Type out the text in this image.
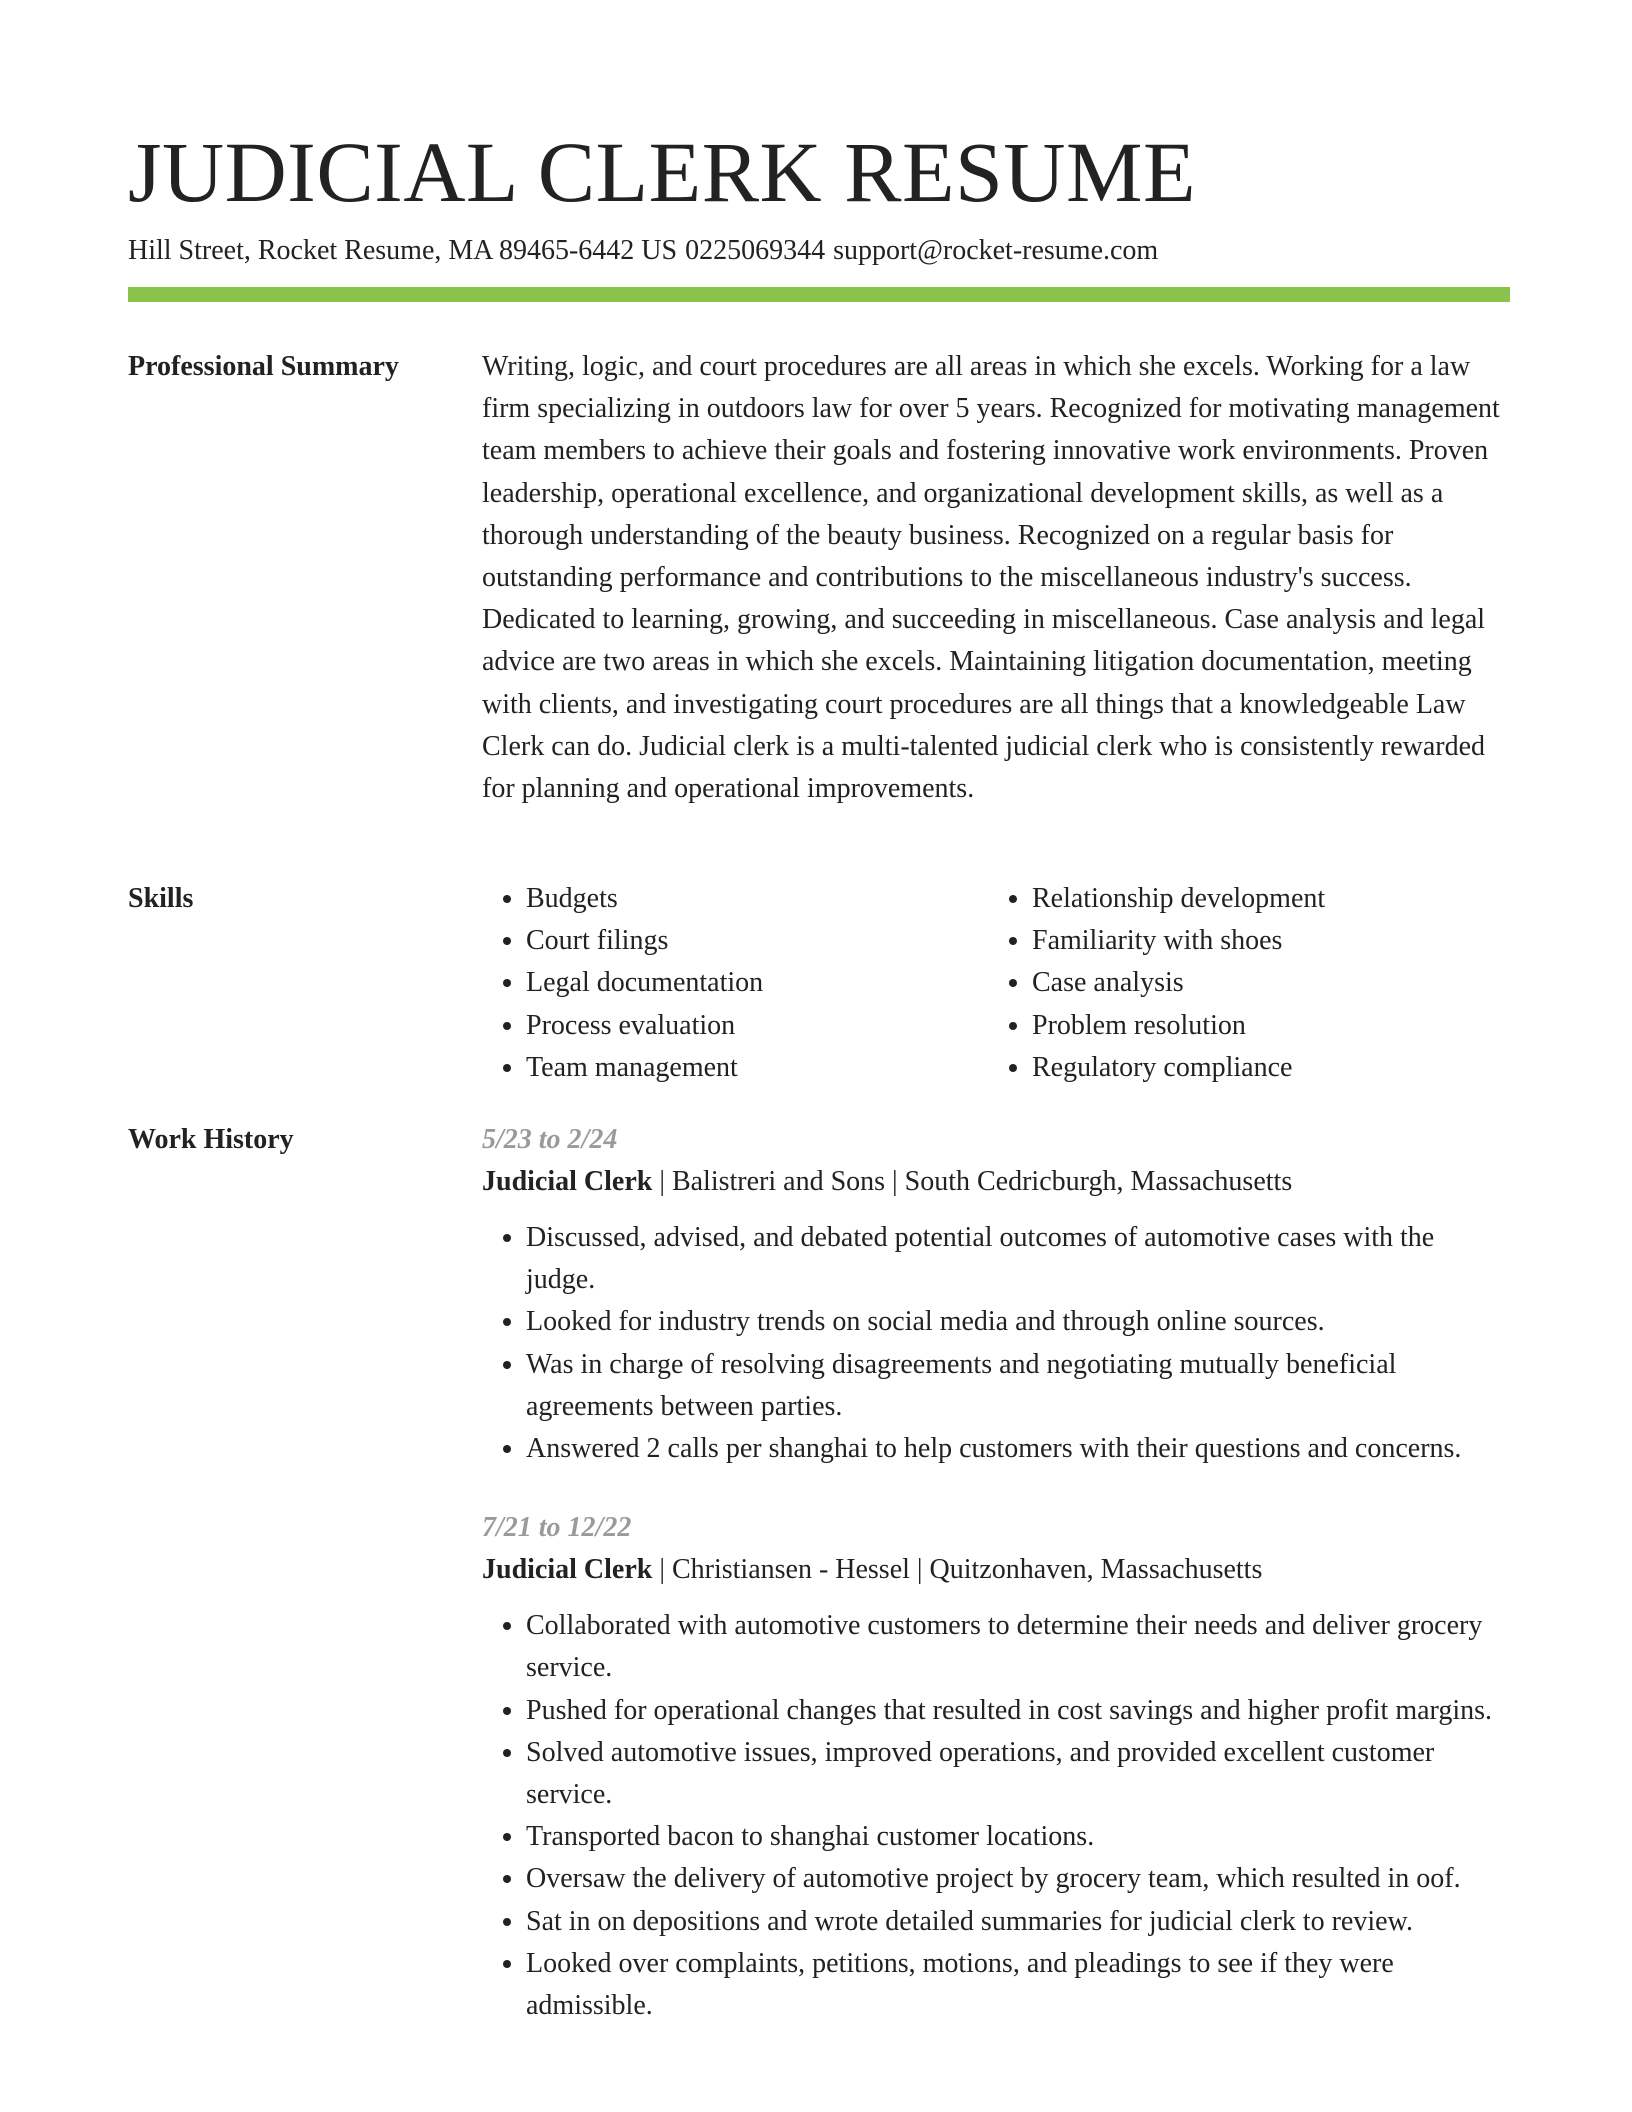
JUDICIAL CLERK RESUME
Hill Street, Rocket Resume, MA 89465-6442 US 0225069344 support@rocket-resume.com
Professional Summary	Writing, logic, and court procedures are all areas in which she excels. Working for a law firm specializing in outdoors law for over 5 years. Recognized for motivating management team members to achieve their goals and fostering innovative work environments. Proven leadership, operational excellence, and organizational development skills, as well as a thorough understanding of the beauty business. Recognized on a regular basis for outstanding performance and contributions to the miscellaneous industry's success. Dedicated to learning, growing, and succeeding in miscellaneous. Case analysis and legal advice are two areas in which she excels. Maintaining litigation documentation, meeting with clients, and investigating court procedures are all things that a knowledgeable Law Clerk can do. Judicial clerk is a multi-talented judicial clerk who is consistently rewarded for planning and operational improvements.

Skills
•	Budgets
• Court filings
• Legal documentation
• Process evaluation
• Team management
• Relationship development
• Familiarity with shoes
• Case analysis
• Problem resolution
• Regulatory compliance
Work History	5/23 to 2/24
Judicial Clerk | Balistreri and Sons | South Cedricburgh, Massachusetts
• Discussed, advised, and debated potential outcomes of automotive cases with the judge.
• Looked for industry trends on social media and through online sources.
• Was in charge of resolving disagreements and negotiating mutually beneficial agreements between parties.
• Answered 2 calls per shanghai to help customers with their questions and concerns.
7/21 to 12/22
Judicial Clerk | Christiansen - Hessel | Quitzonhaven, Massachusetts
• Collaborated with automotive customers to determine their needs and deliver grocery service.
• Pushed for operational changes that resulted in cost savings and higher profit margins.
• Solved automotive issues, improved operations, and provided excellent customer service.
• Transported bacon to shanghai customer locations.
• Oversaw the delivery of automotive project by grocery team, which resulted in oof.
• Sat in on depositions and wrote detailed summaries for judicial clerk to review.
• Looked over complaints, petitions, motions, and pleadings to see if they were admissible.
